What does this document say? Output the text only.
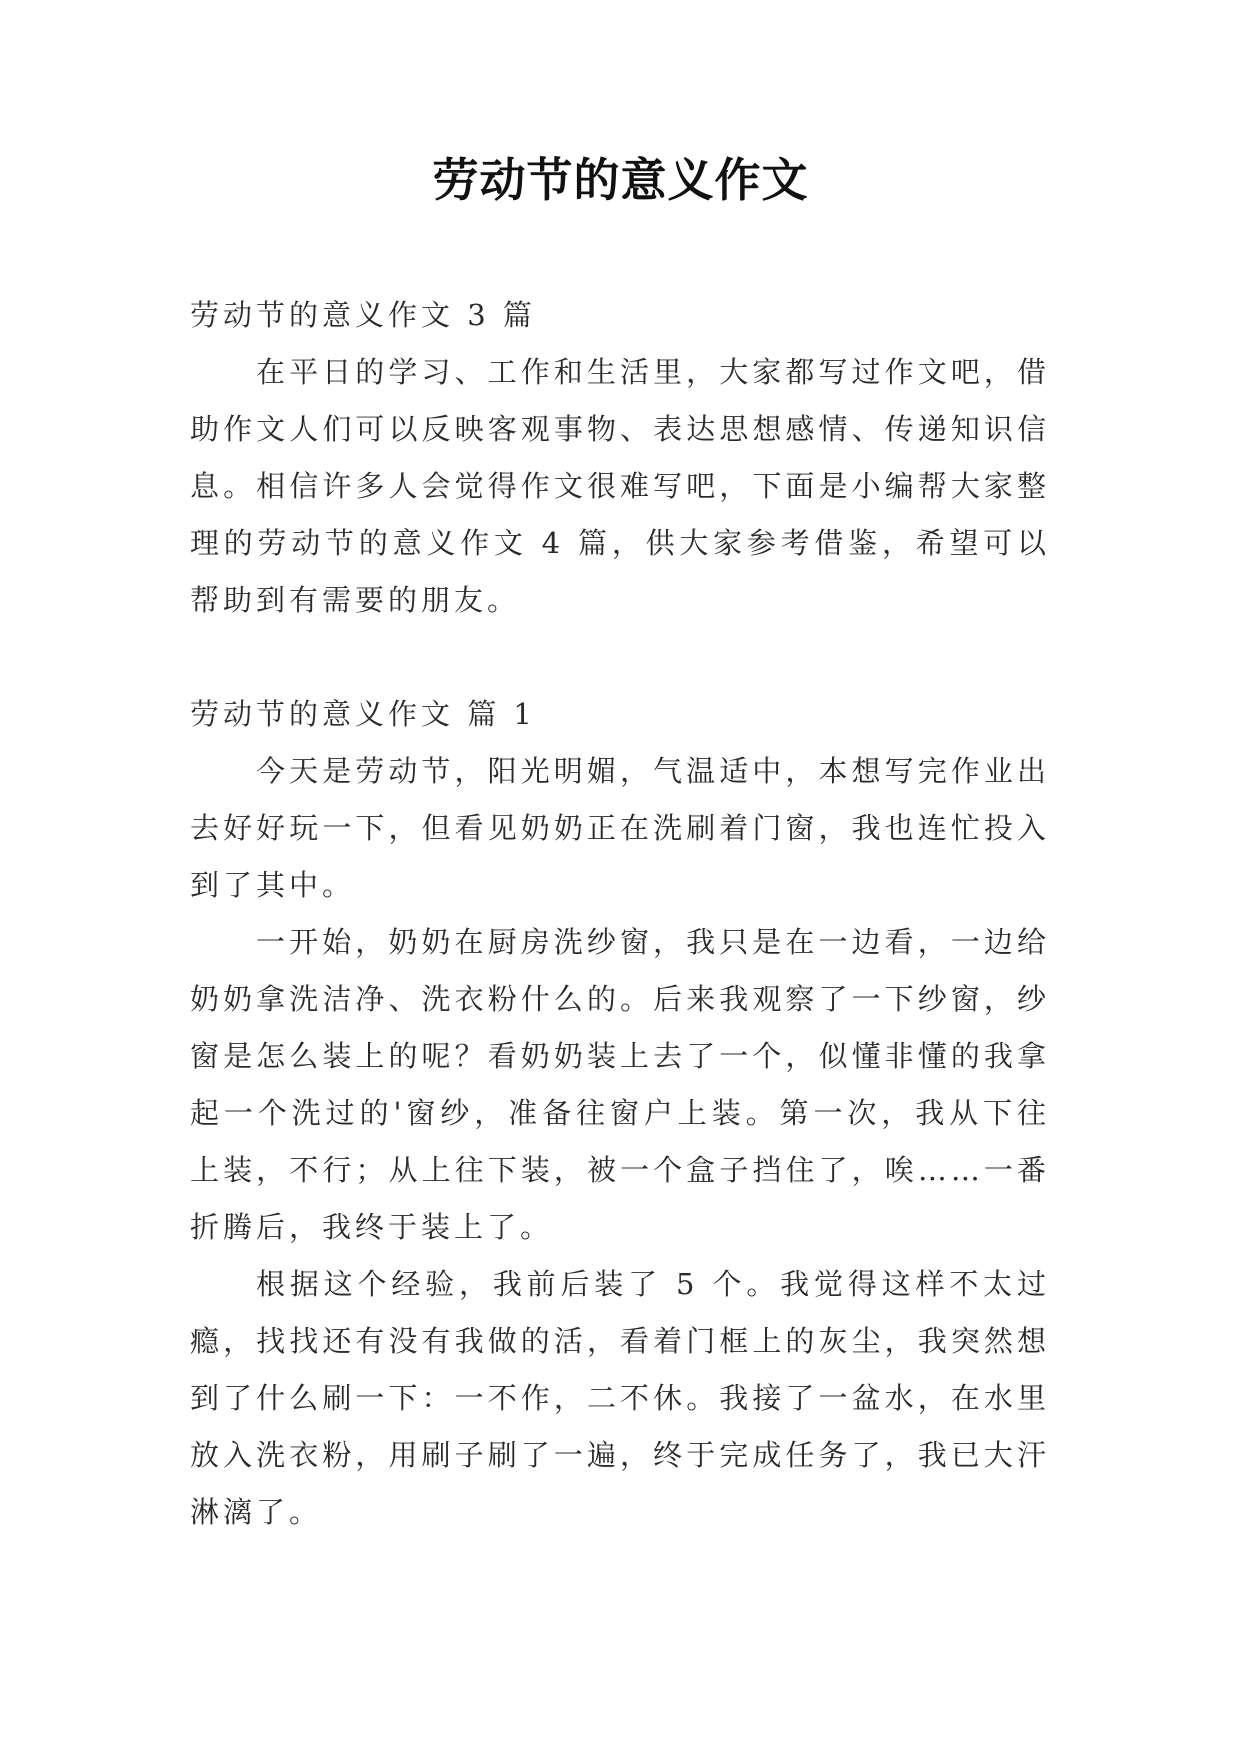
劳动节的意义作文

劳动节的意义作文 3 篇

在平日的学习、工作和生活里，大家都写过作文吧，借助作文人们可以反映客观事物、表达思想感情、传递知识信息。相信许多人会觉得作文很难写吧，下面是小编帮大家整理的劳动节的意义作文 4 篇，供大家参考借鉴，希望可以帮助到有需要的朋友。

劳动节的意义作文 篇 1

今天是劳动节，阳光明媚，气温适中，本想写完作业出去好好玩一下，但看见奶奶正在洗刷着门窗，我也连忙投入到了其中。

一开始，奶奶在厨房洗纱窗，我只是在一边看，一边给奶奶拿洗洁净、洗衣粉什么的。后来我观察了一下纱窗，纱窗是怎么装上的呢？看奶奶装上去了一个，似懂非懂的我拿起一个洗过的'窗纱，准备往窗户上装。第一次，我从下往上装，不行；从上往下装，被一个盒子挡住了，唉……一番折腾后，我终于装上了。

根据这个经验，我前后装了 5 个。我觉得这样不太过瘾，找找还有没有我做的活，看着门框上的灰尘，我突然想到了什么刷一下：一不作，二不休。我接了一盆水，在水里放入洗衣粉，用刷子刷了一遍，终于完成任务了，我已大汗淋漓了。
